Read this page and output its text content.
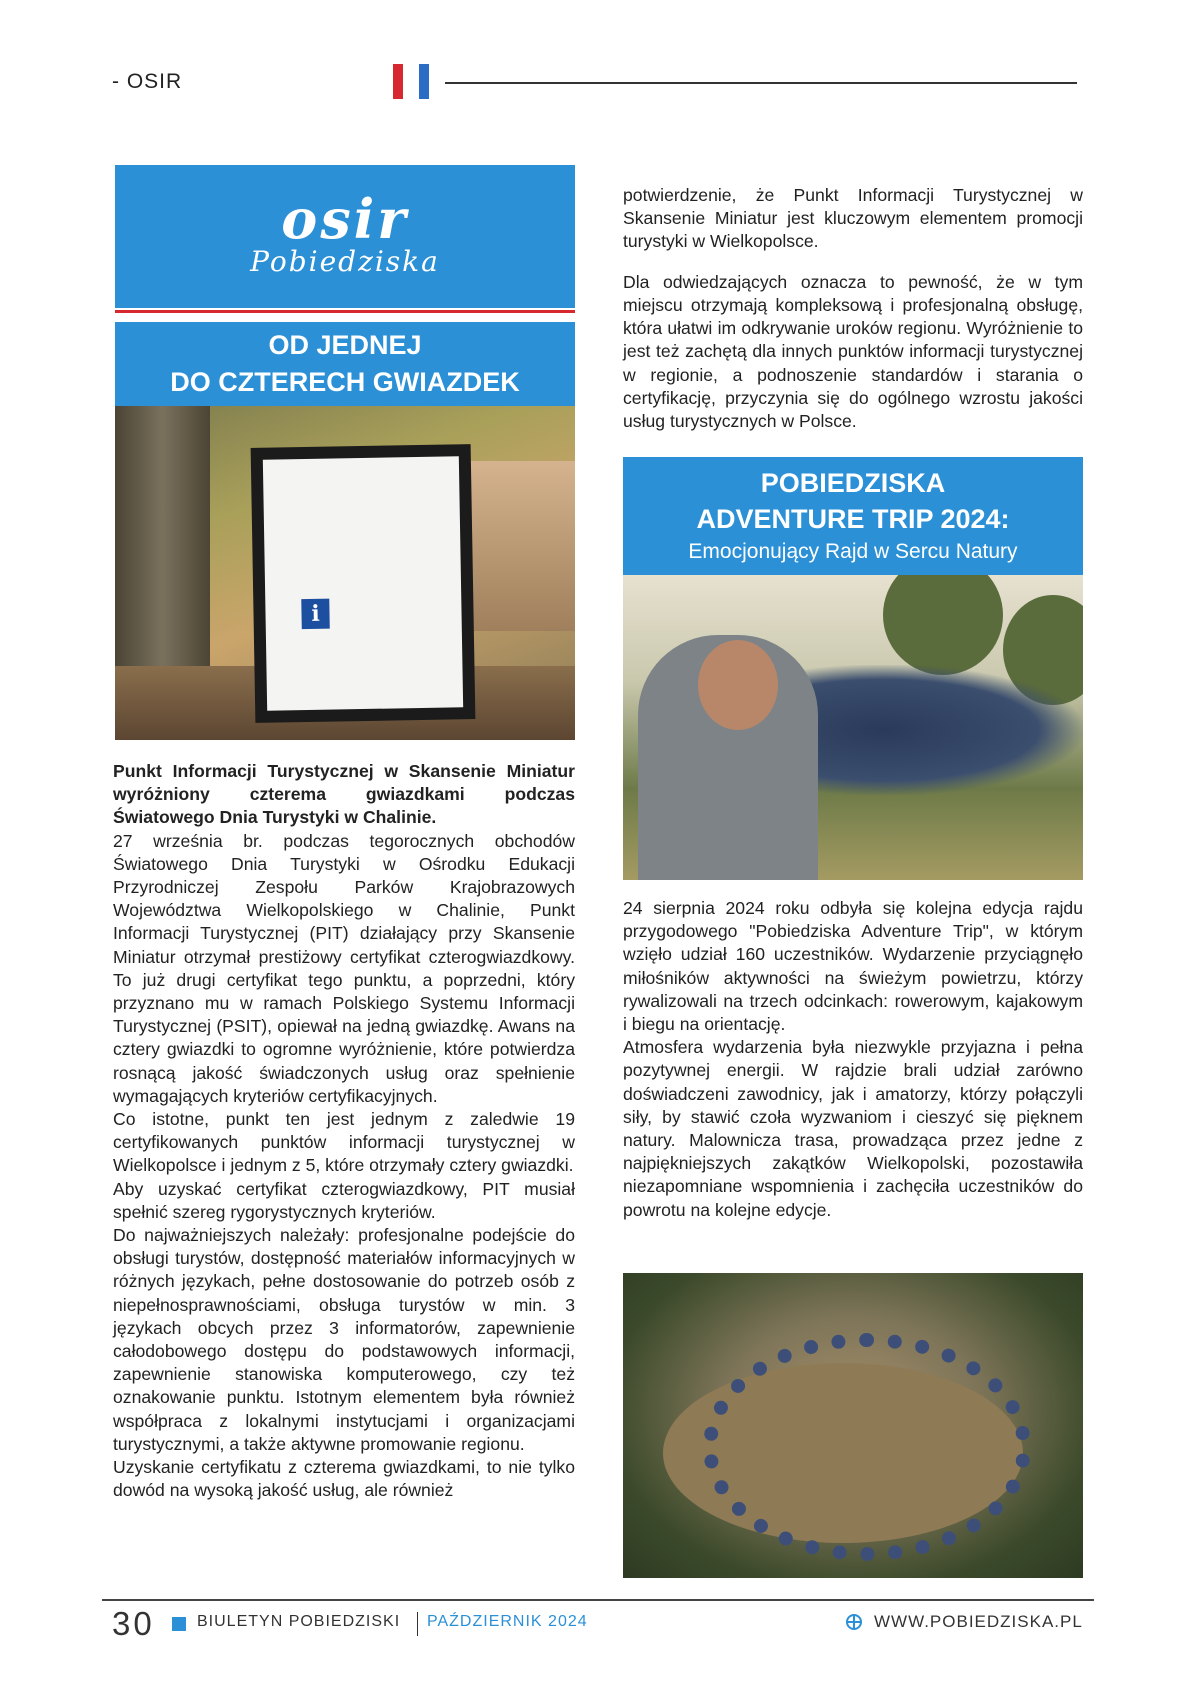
- OSIR
osir
Pobiedziska
OD JEDNEJ
DO CZTERECH GWIAZDEK
i

Punkt Informacji Turystycznej w Skansenie Miniatur wyróżniony czterema gwiazdkami podczas Światowego Dnia Turystyki w Chalinie.

27 września br. podczas tegorocznych obchodów Światowego Dnia Turystyki w Ośrodku Edukacji Przyrodniczej Zespołu Parków Krajobrazowych Województwa Wielkopolskiego w Chalinie, Punkt Informacji Turystycznej (PIT) działający przy Skansenie Miniatur otrzymał prestiżowy certyfikat czterogwiazdkowy. To już drugi certyfikat tego punktu, a poprzedni, który przyznano mu w ramach Polskiego Systemu Informacji Turystycznej (PSIT), opiewał na jedną gwiazdkę. Awans na cztery gwiazdki to ogromne wyróżnienie, które potwierdza rosnącą jakość świadczonych usług oraz spełnienie wymagających kryteriów certyfikacyjnych.

Co istotne, punkt ten jest jednym z zaledwie 19 certyfikowanych punktów informacji turystycznej w Wielkopolsce i jednym z 5, które otrzymały cztery gwiazdki.

Aby uzyskać certyfikat czterogwiazdkowy, PIT musiał spełnić szereg rygorystycznych kryteriów.

Do najważniejszych należały: profesjonalne podejście do obsługi turystów, dostępność materiałów informacyjnych w różnych językach, pełne dostosowanie do potrzeb osób z niepełnosprawnościami, obsługa turystów w min. 3 językach obcych przez 3 informatorów, zapewnienie całodobowego dostępu do podstawowych informacji, zapewnienie stanowiska komputerowego, czy też oznakowanie punktu. Istotnym elementem była również współpraca z lokalnymi instytucjami i organizacjami turystycznymi, a także aktywne promowanie regionu.

Uzyskanie certyfikatu z czterema gwiazdkami, to nie tylko dowód na wysoką jakość usług, ale również

potwierdzenie, że Punkt Informacji Turystycznej w Skansenie Miniatur jest kluczowym elementem promocji turystyki w Wielkopolsce.

Dla odwiedzających oznacza to pewność, że w tym miejscu otrzymają kompleksową i profesjonalną obsługę, która ułatwi im odkrywanie uroków regionu. Wyróżnienie to jest też zachętą dla innych punktów informacji turystycznej w regionie, a podnoszenie standardów i starania o certyfikację, przyczynia się do ogólnego wzrostu jakości usług turystycznych w Polsce.

POBIEDZISKA
ADVENTURE TRIP 2024:
Emocjonujący Rajd w Sercu Natury

24 sierpnia 2024 roku odbyła się kolejna edycja rajdu przygodowego "Pobiedziska Adventure Trip", w którym wzięło udział 160 uczestników. Wydarzenie przyciągnęło miłośników aktywności na świeżym powietrzu, którzy rywalizowali na trzech odcinkach: rowerowym, kajakowym i biegu na orientację.

Atmosfera wydarzenia była niezwykle przyjazna i pełna pozytywnej energii. W rajdzie brali udział zarówno doświadczeni zawodnicy, jak i amatorzy, którzy połączyli siły, by stawić czoła wyzwaniom i cieszyć się pięknem natury. Malownicza trasa, prowadząca przez jedne z najpiękniejszych zakątków Wielkopolski, pozostawiła niezapomniane wspomnienia i zachęciła uczestników do powrotu na kolejne edycje.

30	BIULETYN POBIEDZISKI PAŹDZIERNIK 2024	WWW.POBIEDZISKA.PL
